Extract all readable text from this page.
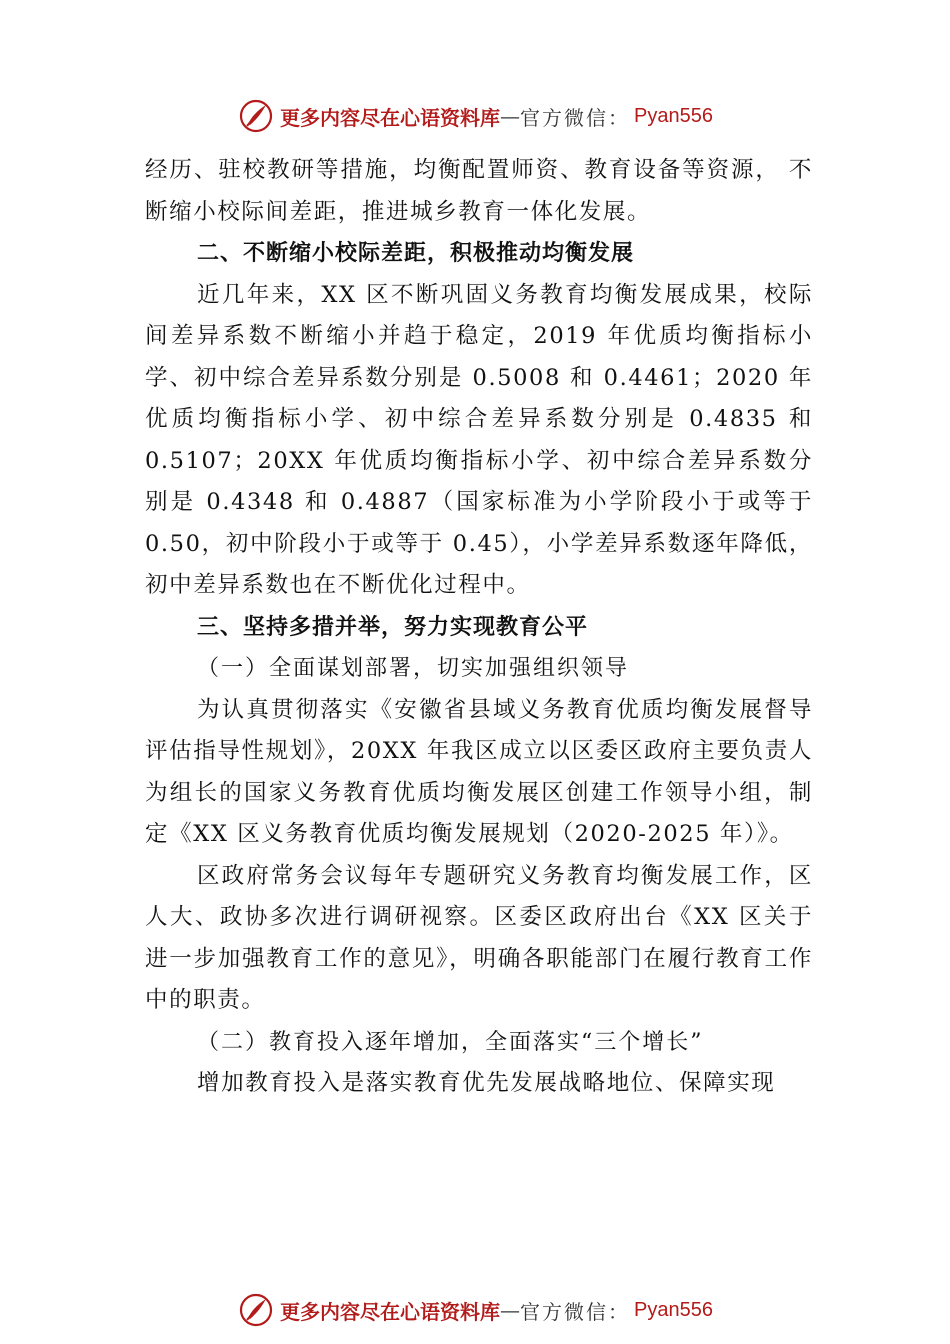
更多内容尽在心语资料库 — 官方微信： Pyan556

经历、驻校教研等措施，均衡配置师资、教育设备等资源， 不断缩小校际间差距，推进城乡教育一体化发展。

二、不断缩小校际差距，积极推动均衡发展

近几年来，XX 区不断巩固义务教育均衡发展成果，校际间差异系数不断缩小并趋于稳定，2019 年优质均衡指标小学、初中综合差异系数分别是 0.5008 和 0.4461；2020 年优质均衡指标小学、初中综合差异系数分别是 0.4835 和 0.5107；20XX 年优质均衡指标小学、初中综合差异系数分别是 0.4348 和 0.4887（国家标准为小学阶段小于或等于 0.50，初中阶段小于或等于 0.45），小学差异系数逐年降低，初中差异系数也在不断优化过程中。

三、坚持多措并举，努力实现教育公平

（一）全面谋划部署，切实加强组织领导

为认真贯彻落实《安徽省县域义务教育优质均衡发展督导评估指导性规划》，20XX 年我区成立以区委区政府主要负责人为组长的国家义务教育优质均衡发展区创建工作领导小组，制定《XX 区义务教育优质均衡发展规划（2020-2025 年）》。

区政府常务会议每年专题研究义务教育均衡发展工作，区人大、政协多次进行调研视察。区委区政府出台《XX 区关于进一步加强教育工作的意见》，明确各职能部门在履行教育工作中的职责。

（二）教育投入逐年增加，全面落实“三个增长”

增加教育投入是落实教育优先发展战略地位、保障实现

更多内容尽在心语资料库 — 官方微信： Pyan556
